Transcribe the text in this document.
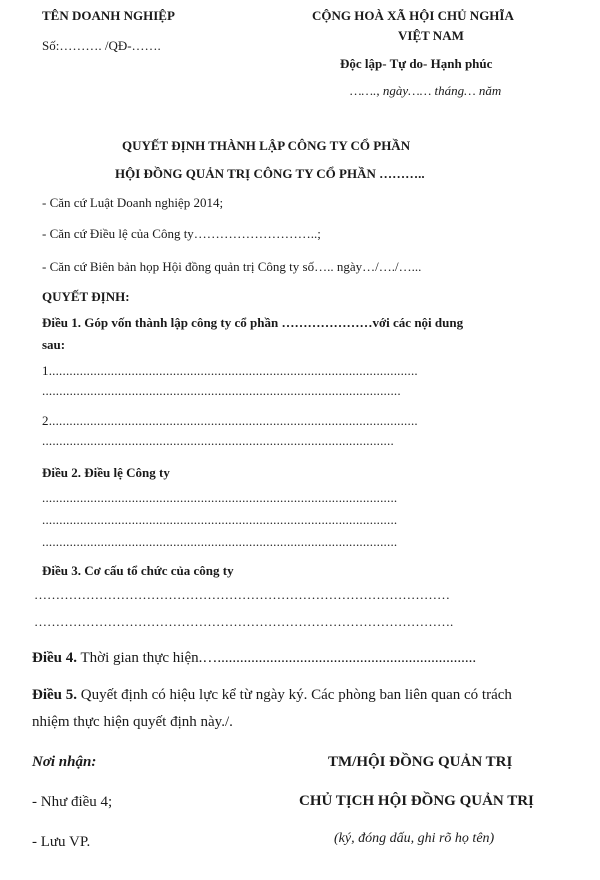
TÊN DOANH NGHIỆP
Số:………. /QĐ-…….
CỘNG HOÀ XÃ HỘI CHỦ NGHĨA
VIỆT NAM
Độc lập- Tự do- Hạnh phúc
……., ngày…… tháng… năm
QUYẾT ĐỊNH THÀNH LẬP CÔNG TY CỔ PHẦN
HỘI ĐỒNG QUẢN TRỊ CÔNG TY CỔ PHẦN ………..
- Căn cứ Luật Doanh nghiệp 2014;
- Căn cứ Điều lệ của Công ty………………………..;
- Căn cứ Biên bản họp Hội đồng quản trị Công ty số….. ngày…/…./…...
QUYẾT ĐỊNH:
Điều 1. Góp vốn thành lập công ty cổ phần …………………với các nội dung
sau:
1...........................................................................................................
........................................................................................................
2...........................................................................................................
......................................................................................................
Điều 2. Điều lệ Công ty
.......................................................................................................
.......................................................................................................
.......................................................................................................
Điều 3. Cơ cấu tổ chức của công ty
……………………………………………………………………………………
…………………………………………………………………………………….
Điều 4. Thời gian thực hiện.….....................................................................
Điều 5. Quyết định có hiệu lực kể từ ngày ký. Các phòng ban liên quan có trách
nhiệm thực hiện quyết định này./.
Nơi nhận:
- Như điều 4;
- Lưu VP.
TM/HỘI ĐỒNG QUẢN TRỊ
CHỦ TỊCH HỘI ĐỒNG QUẢN TRỊ
(ký, đóng dấu, ghi rõ họ tên)
